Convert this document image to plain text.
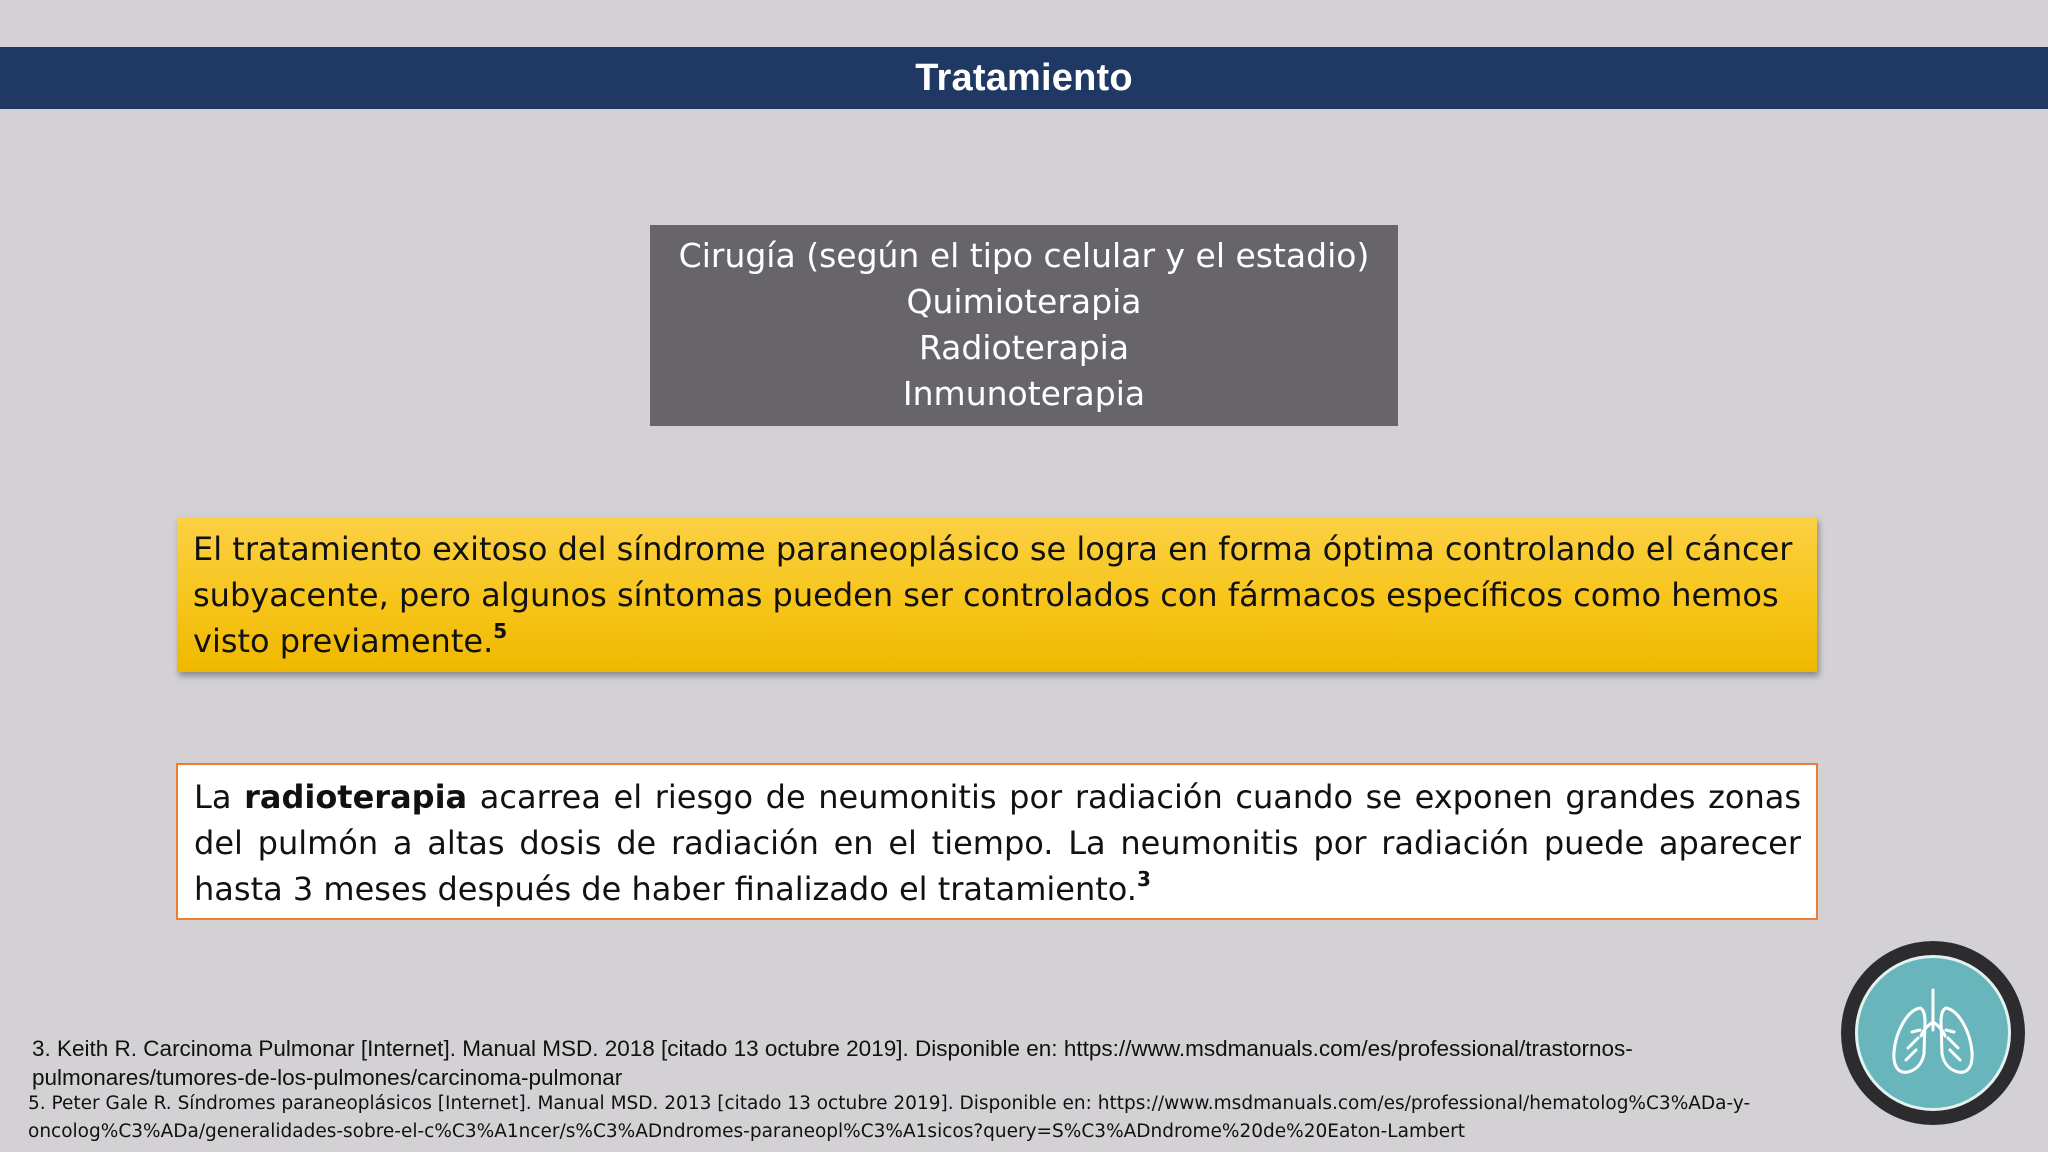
Tratamiento
Cirugía (según el tipo celular y el estadio)
Quimioterapia
Radioterapia
Inmunoterapia
El tratamiento exitoso del síndrome paraneoplásico se logra en forma óptima controlando el cáncer subyacente, pero algunos síntomas pueden ser controlados con fármacos específicos como hemos visto previamente.$^5$
La radioterapia acarrea el riesgo de neumonitis por radiación cuando se exponen grandes zonas del pulmón a altas dosis de radiación en el tiempo. La neumonitis por radiación puede aparecer hasta 3 meses después de haber finalizado el tratamiento.$^3$
3. Keith R. Carcinoma Pulmonar [Internet]. Manual MSD. 2018 [citado 13 octubre 2019]. Disponible en: https://www.msdmanuals.com/es/professional/trastornos-pulmonares/tumores-de-los-pulmones/carcinoma-pulmonar
5. Peter Gale R. Síndromes paraneoplásicos [Internet]. Manual MSD. 2013 [citado 13 octubre 2019]. Disponible en: https://www.msdmanuals.com/es/professional/hematolog%C3%ADa-y-oncolog%C3%ADa/generalidades-sobre-el-c%C3%A1ncer/s%C3%ADndromes-paraneopl%C3%A1sicos?query=S%C3%ADndrome%20de%20Eaton-Lambert
